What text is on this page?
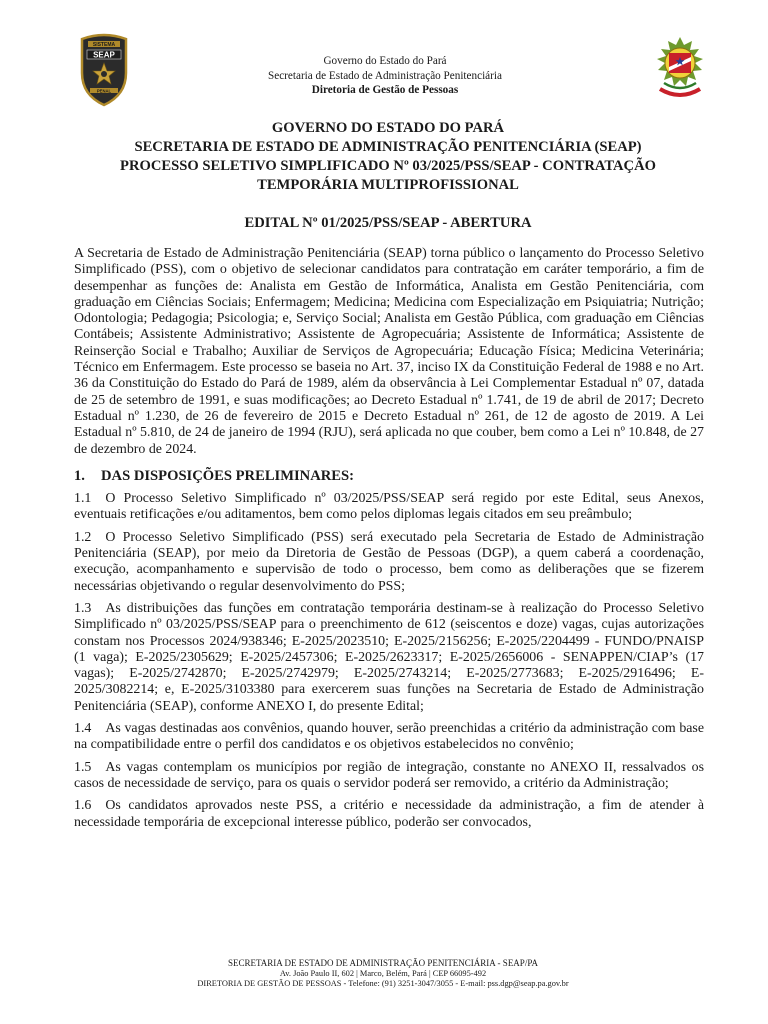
SISTEMA
SEAP
PENAL
Governo do Estado do Pará
Secretaria de Estado de Administração Penitenciária
Diretoria de Gestão de Pessoas
GOVERNO DO ESTADO DO PARÁ
SECRETARIA DE ESTADO DE ADMINISTRAÇÃO PENITENCIÁRIA (SEAP)
PROCESSO SELETIVO SIMPLIFICADO Nº 03/2025/PSS/SEAP - CONTRATAÇÃO
TEMPORÁRIA MULTIPROFISSIONAL
EDITAL Nº 01/2025/PSS/SEAP - ABERTURA

A Secretaria de Estado de Administração Penitenciária (SEAP) torna público o lançamento do Processo Seletivo Simplificado (PSS), com o objetivo de selecionar candidatos para contratação em caráter temporário, a fim de desempenhar as funções de: Analista em Gestão de Informática, Analista em Gestão Penitenciária, com graduação em Ciências Sociais; Enfermagem; Medicina; Medicina com Especialização em Psiquiatria; Nutrição; Odontologia; Pedagogia; Psicologia; e, Serviço Social; Analista em Gestão Pública, com graduação em Ciências Contábeis; Assistente Administrativo; Assistente de Agropecuária; Assistente de Informática; Assistente de Reinserção Social e Trabalho; Auxiliar de Serviços de Agropecuária; Educação Física; Medicina Veterinária; Técnico em Enfermagem. Este processo se baseia no Art. 37, inciso IX da Constituição Federal de 1988 e no Art. 36 da Constituição do Estado do Pará de 1989, além da observância à Lei Complementar Estadual nº 07, datada de 25 de setembro de 1991, e suas modificações; ao Decreto Estadual nº 1.741, de 19 de abril de 2017; Decreto Estadual nº 1.230, de 26 de fevereiro de 2015 e Decreto Estadual nº 261, de 12 de agosto de 2019. A Lei Estadual nº 5.810, de 24 de janeiro de 1994 (RJU), será aplicada no que couber, bem como a Lei nº 10.848, de 27 de dezembro de 2024.

1. DAS DISPOSIÇÕES PRELIMINARES:

1.1 O Processo Seletivo Simplificado nº 03/2025/PSS/SEAP será regido por este Edital, seus Anexos, eventuais retificações e/ou aditamentos, bem como pelos diplomas legais citados em seu preâmbulo;

1.2 O Processo Seletivo Simplificado (PSS) será executado pela Secretaria de Estado de Administração Penitenciária (SEAP), por meio da Diretoria de Gestão de Pessoas (DGP), a quem caberá a coordenação, execução, acompanhamento e supervisão de todo o processo, bem como as deliberações que se fizerem necessárias objetivando o regular desenvolvimento do PSS;

1.3 As distribuições das funções em contratação temporária destinam-se à realização do Processo Seletivo Simplificado nº 03/2025/PSS/SEAP para o preenchimento de 612 (seiscentos e doze) vagas, cujas autorizações constam nos Processos 2024/938346; E-2025/2023510; E-2025/2156256; E-2025/2204499 - FUNDO/PNAISP (1 vaga); E-2025/2305629; E-2025/2457306; E-2025/2623317; E-2025/2656006 - SENAPPEN/CIAP’s (17 vagas); E-2025/2742870; E-2025/2742979; E-2025/2743214; E-2025/2773683; E-2025/2916496; E-2025/3082214; e, E-2025/3103380 para exercerem suas funções na Secretaria de Estado de Administração Penitenciária (SEAP), conforme ANEXO I, do presente Edital;

1.4 As vagas destinadas aos convênios, quando houver, serão preenchidas a critério da administração com base na compatibilidade entre o perfil dos candidatos e os objetivos estabelecidos no convênio;

1.5 As vagas contemplam os municípios por região de integração, constante no ANEXO II, ressalvados os casos de necessidade de serviço, para os quais o servidor poderá ser removido, a critério da Administração;

1.6 Os candidatos aprovados neste PSS, a critério e necessidade da administração, a fim de atender à necessidade temporária de excepcional interesse público, poderão ser convocados,

SECRETARIA DE ESTADO DE ADMINISTRAÇÃO PENITENCIÁRIA - SEAP/PA
Av. João Paulo II, 602 | Marco, Belém, Pará | CEP 66095-492
DIRETORIA DE GESTÃO DE PESSOAS - Telefone: (91) 3251-3047/3055 - E-mail: pss.dgp@seap.pa.gov.br
